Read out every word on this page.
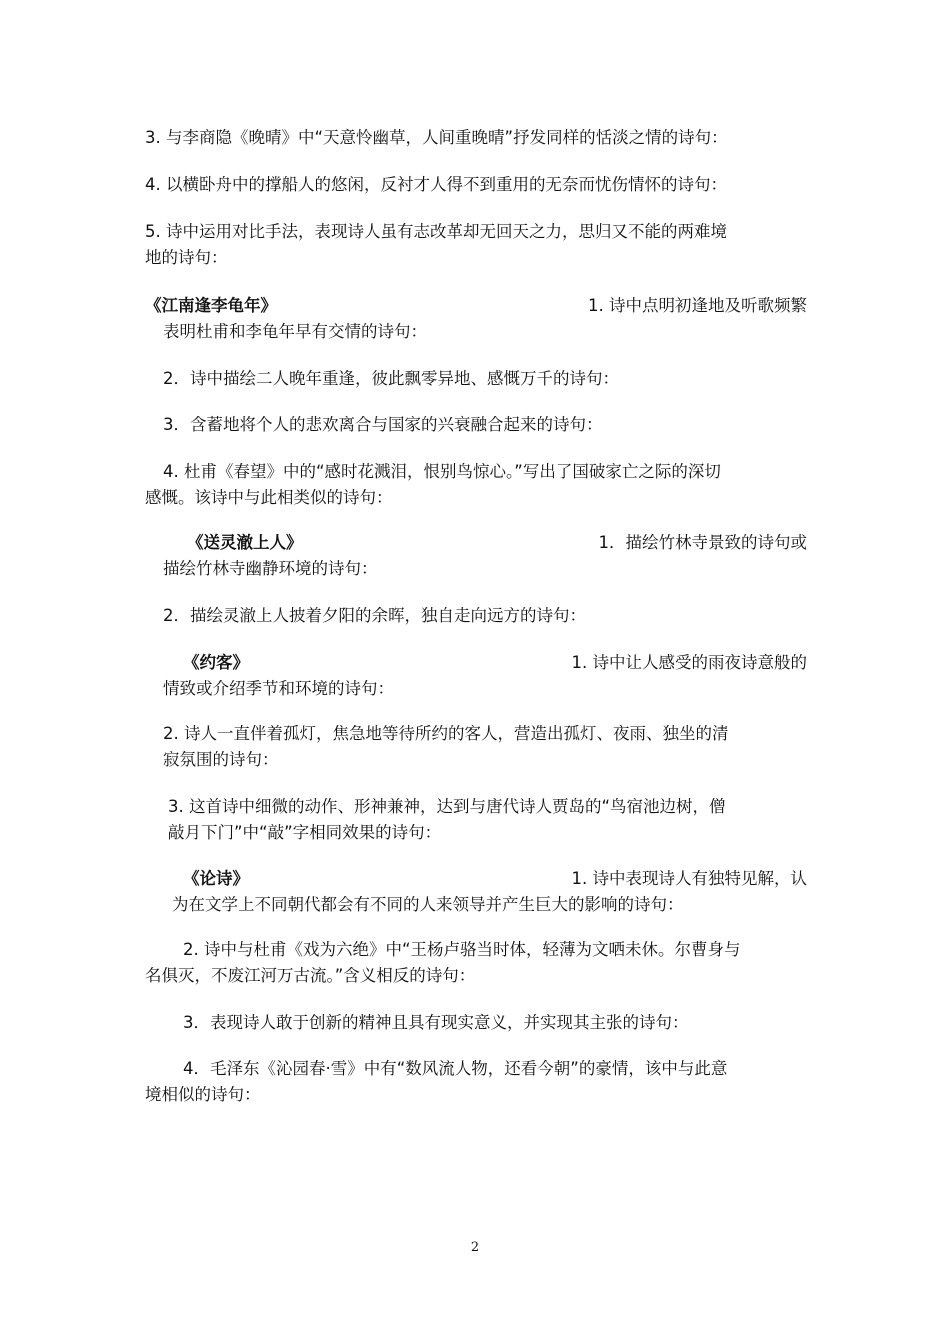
3. 与李商隐《晚晴》中“天意怜幽草，人间重晚晴”抒发同样的恬淡之情的诗句：
4. 以横卧舟中的撑船人的悠闲，反衬才人得不到重用的无奈而忧伤情怀的诗句：
5. 诗中运用对比手法，表现诗人虽有志改革却无回天之力，思归又不能的两难境
地的诗句：
《江南逢李龟年》	1. 诗中点明初逢地及听歌频繁
表明杜甫和李龟年早有交情的诗句：
2．诗中描绘二人晚年重逢，彼此飘零异地、感慨万千的诗句：
3．含蓄地将个人的悲欢离合与国家的兴衰融合起来的诗句：
4. 杜甫《春望》中的“感时花溅泪，恨别鸟惊心。”写出了国破家亡之际的深切
感慨。该诗中与此相类似的诗句：
《送灵澈上人》	1．描绘竹林寺景致的诗句或
描绘竹林寺幽静环境的诗句：
2．描绘灵澈上人披着夕阳的余晖，独自走向远方的诗句：
《约客》	1. 诗中让人感受的雨夜诗意般的
情致或介绍季节和环境的诗句：
2. 诗人一直伴着孤灯，焦急地等待所约的客人，营造出孤灯、夜雨、独坐的清
寂氛围的诗句：
3. 这首诗中细微的动作、形神兼神，达到与唐代诗人贾岛的“鸟宿池边树，僧
敲月下门”中“敲”字相同效果的诗句：
《论诗》	1. 诗中表现诗人有独特见解，认
为在文学上不同朝代都会有不同的人来领导并产生巨大的影响的诗句：
2. 诗中与杜甫《戏为六绝》中“王杨卢骆当时体，轻薄为文哂未休。尔曹身与
名俱灭，不废江河万古流。”含义相反的诗句：
3．表现诗人敢于创新的精神且具有现实意义，并实现其主张的诗句：
4．毛泽东《沁园春·雪》中有“数风流人物，还看今朝”的豪情，该中与此意
境相似的诗句：
2
